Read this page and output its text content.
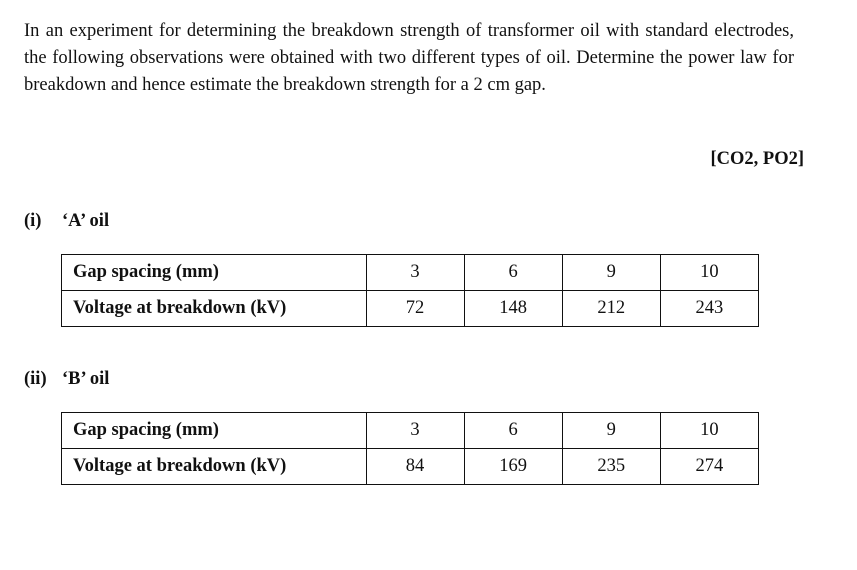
In an experiment for determining the breakdown strength of transformer oil with standard electrodes, the following observations were obtained with two different types of oil. Determine the power law for breakdown and hence estimate the breakdown strength for a 2 cm gap.

[CO2, PO2]
(i) ‘A’ oil
Gap spacing (mm)	3	6	9	10
Voltage at breakdown (kV)	72	148	212	243
(ii) ‘B’ oil
Gap spacing (mm)	3	6	9	10
Voltage at breakdown (kV)	84	169	235	274
